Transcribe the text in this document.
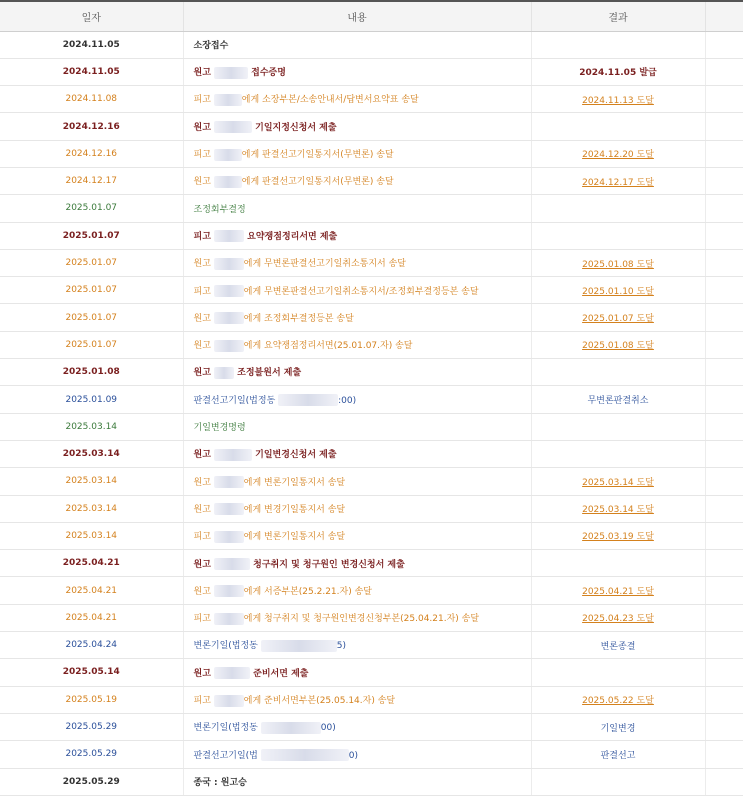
일자	내용	결과	
2024.11.05	소장접수		
2024.11.05	원고 접수증명	2024.11.05 발급	
2024.11.08	피고 에게 소장부본/소송안내서/답변서요약표 송달	2024.11.13 도달	
2024.12.16	원고 기일지정신청서 제출		
2024.12.16	피고 에게 판결선고기일통지서(무변론) 송달	2024.12.20 도달	
2024.12.17	원고 에게 판결선고기일통지서(무변론) 송달	2024.12.17 도달	
2025.01.07	조정회부결정		
2025.01.07	피고 요약쟁점정리서면 제출		
2025.01.07	원고 에게 무변론판결선고기일취소통지서 송달	2025.01.08 도달	
2025.01.07	피고 에게 무변론판결선고기일취소통지서/조정회부결정등본 송달	2025.01.10 도달	
2025.01.07	원고 에게 조정회부결정등본 송달	2025.01.07 도달	
2025.01.07	원고 에게 요약쟁점정리서면(25.01.07.자) 송달	2025.01.08 도달	
2025.01.08	원고 조정불원서 제출		
2025.01.09	판결선고기일(법정동 :00)	무변론판결취소	
2025.03.14	기일변경명령		
2025.03.14	원고 기일변경신청서 제출		
2025.03.14	원고 에게 변론기일통지서 송달	2025.03.14 도달	
2025.03.14	원고 에게 변경기일통지서 송달	2025.03.14 도달	
2025.03.14	피고 에게 변론기일통지서 송달	2025.03.19 도달	
2025.04.21	원고 청구취지 및 청구원인 변경신청서 제출		
2025.04.21	원고 에게 서증부본(25.2.21.자) 송달	2025.04.21 도달	
2025.04.21	피고 에게 청구취지 및 청구원인변경신청부본(25.04.21.자) 송달	2025.04.23 도달	
2025.04.24	변론기일(법정동 5)	변론종결	
2025.05.14	원고 준비서면 제출		
2025.05.19	피고 에게 준비서면부본(25.05.14.자) 송달	2025.05.22 도달	
2025.05.29	변론기일(법정동 00)	기일변경	
2025.05.29	판결선고기일(법 0)	판결선고	
2025.05.29	종국 : 원고승		
